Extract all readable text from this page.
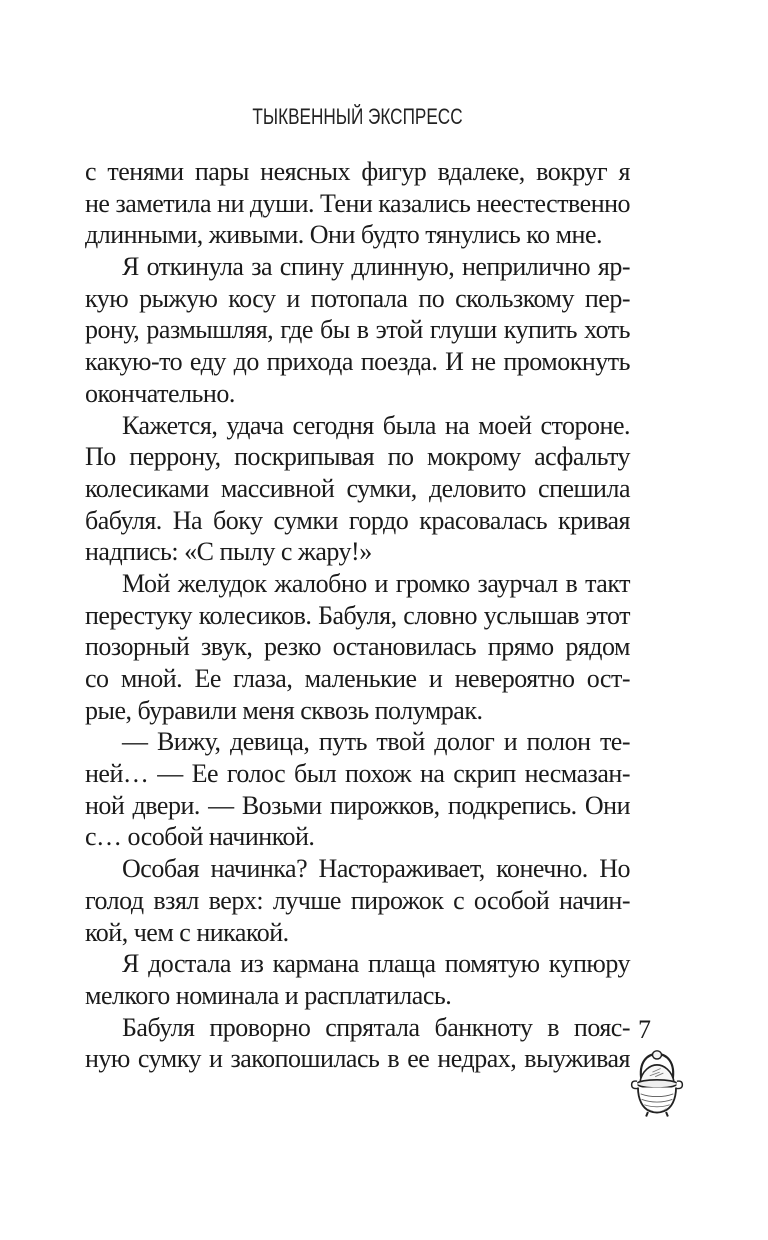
ТЫКВЕННЫЙ ЭКСПРЕСС
с тенями пары неясных фигур вдалеке, вокруг я
не заметила ни души. Тени казались неестественно
длинными, живыми. Они будто тянулись ко мне.
Я откинула за спину длинную, неприлично яр-
кую рыжую косу и потопала по скользкому пер-
рону, размышляя, где бы в этой глуши купить хоть
какую-то еду до прихода поезда. И не промокнуть
окончательно.
Кажется, удача сегодня была на моей стороне.
По перрону, поскрипывая по мокрому асфальту
колесиками массивной сумки, деловито спешила
бабуля. На боку сумки гордо красовалась кривая
надпись: «С пылу с жару!»
Мой желудок жалобно и громко заурчал в такт
перестуку колесиков. Бабуля, словно услышав этот
позорный звук, резко остановилась прямо рядом
со мной. Ее глаза, маленькие и невероятно ост-
рые, буравили меня сквозь полумрак.
— Вижу, девица, путь твой долог и полон те-
ней… — Ее голос был похож на скрип несмазан-
ной двери. — Возьми пирожков, подкрепись. Они
с… особой начинкой.
Особая начинка? Настораживает, конечно. Но
голод взял верх: лучше пирожок с особой начин-
кой, чем с никакой.
Я достала из кармана плаща помятую купюру
мелкого номинала и расплатилась.
Бабуля проворно спрятала банкноту в пояс-
ную сумку и закопошилась в ее недрах, выуживая
7
